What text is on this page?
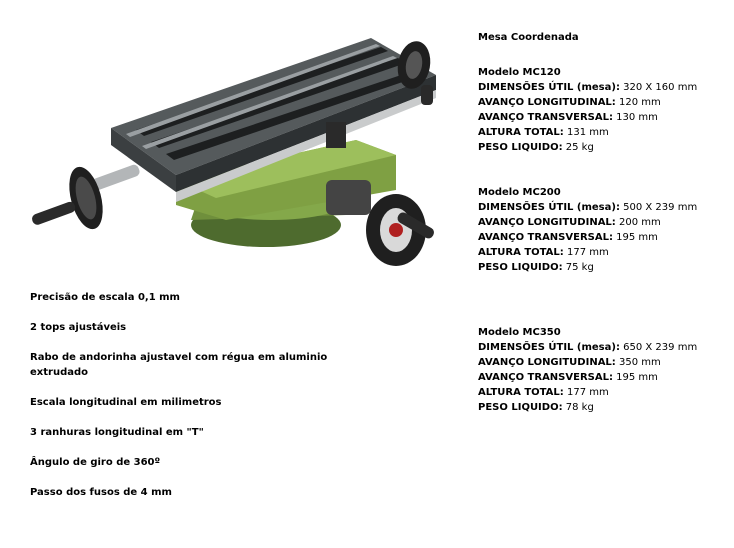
Mesa Coordenada
Modelo MC120
DIMENSÕES ÚTIL (mesa): 320 X 160 mm
AVANÇO LONGITUDINAL: 120 mm
AVANÇO TRANSVERSAL: 130 mm
ALTURA TOTAL: 131 mm
PESO LIQUIDO: 25 kg
Modelo MC200
DIMENSÕES ÚTIL (mesa): 500 X 239 mm
AVANÇO LONGITUDINAL: 200 mm
AVANÇO TRANSVERSAL: 195 mm
ALTURA TOTAL: 177 mm
PESO LIQUIDO: 75 kg
Modelo MC350
DIMENSÕES ÚTIL (mesa): 650 X 239 mm
AVANÇO LONGITUDINAL: 350 mm
AVANÇO TRANSVERSAL: 195 mm
ALTURA TOTAL: 177 mm
PESO LIQUIDO: 78 kg

Precisão de escala 0,1 mm

2 tops ajustáveis

Rabo de andorinha ajustavel com régua em aluminio extrudado

Escala longitudinal em milimetros

3 ranhuras longitudinal em "T"

Ângulo de giro de 360º

Passo dos fusos de 4 mm
